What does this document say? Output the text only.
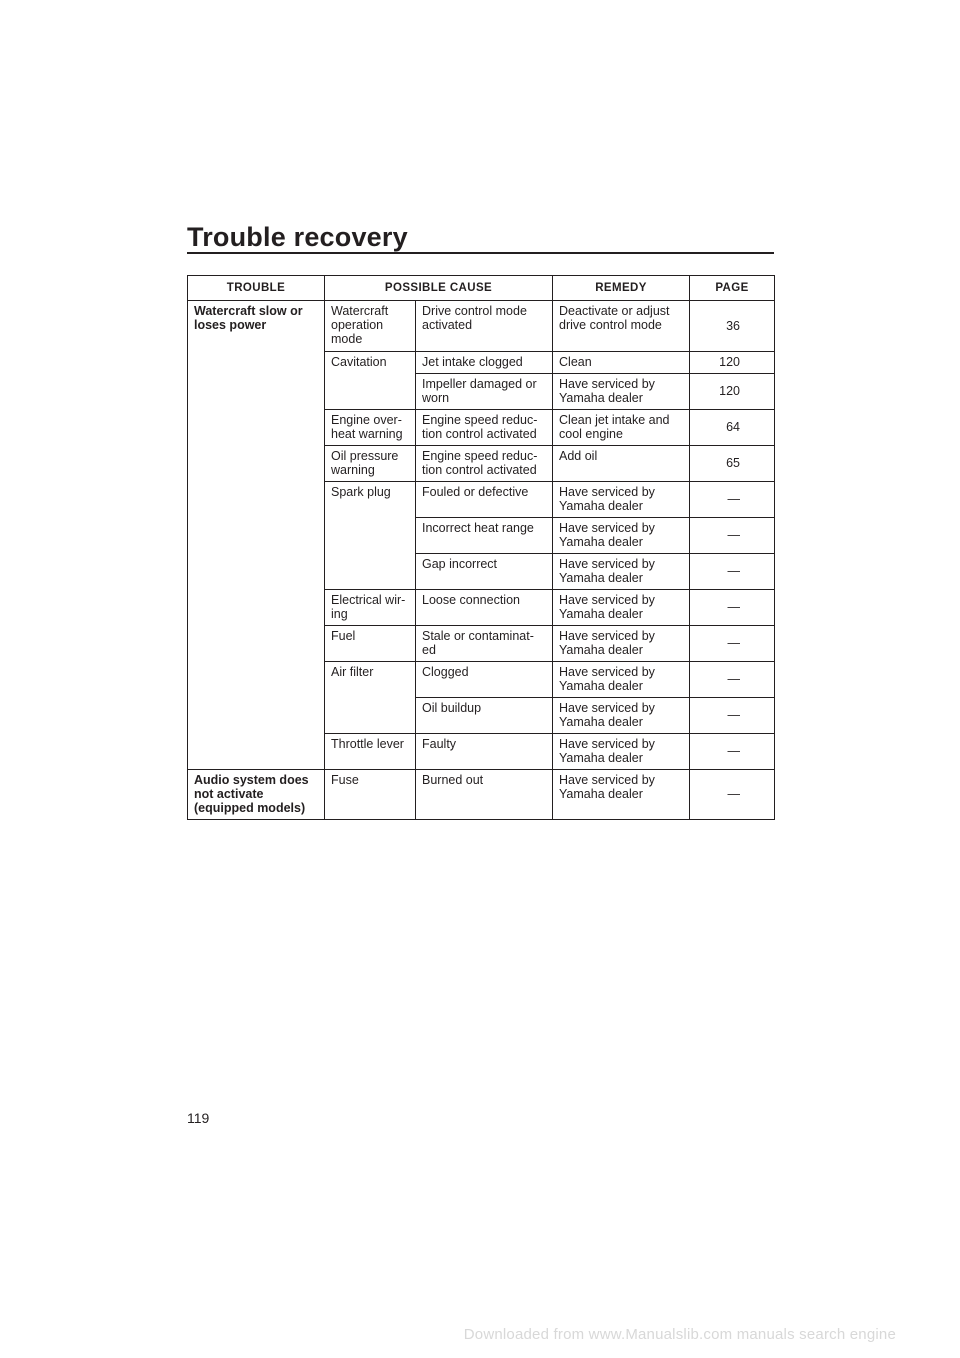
Trouble recovery
TROUBLE	POSSIBLE CAUSE		REMEDY	PAGE
Watercraft slow or loses power	Watercraft operation mode	Drive control mode activated	Deactivate or adjust drive control mode	36
	Cavitation	Jet intake clogged	Clean	120
		Impeller damaged or worn	Have serviced by Yamaha dealer	120
	Engine over-heat warning	Engine speed reduc-tion control activated	Clean jet intake and cool engine	64
	Oil pressure warning	Engine speed reduc-tion control activated	Add oil	65
	Spark plug	Fouled or defective	Have serviced by Yamaha dealer	—
		Incorrect heat range	Have serviced by Yamaha dealer	—
		Gap incorrect	Have serviced by Yamaha dealer	—
	Electrical wir-ing	Loose connection	Have serviced by Yamaha dealer	—
	Fuel	Stale or contaminat-ed	Have serviced by Yamaha dealer	—
	Air filter	Clogged	Have serviced by Yamaha dealer	—
		Oil buildup	Have serviced by Yamaha dealer	—
	Throttle lever	Faulty	Have serviced by Yamaha dealer	—
Audio system does not activate (equipped models)	Fuse	Burned out	Have serviced by Yamaha dealer	—
119
Downloaded from www.Manualslib.com manuals search engine
